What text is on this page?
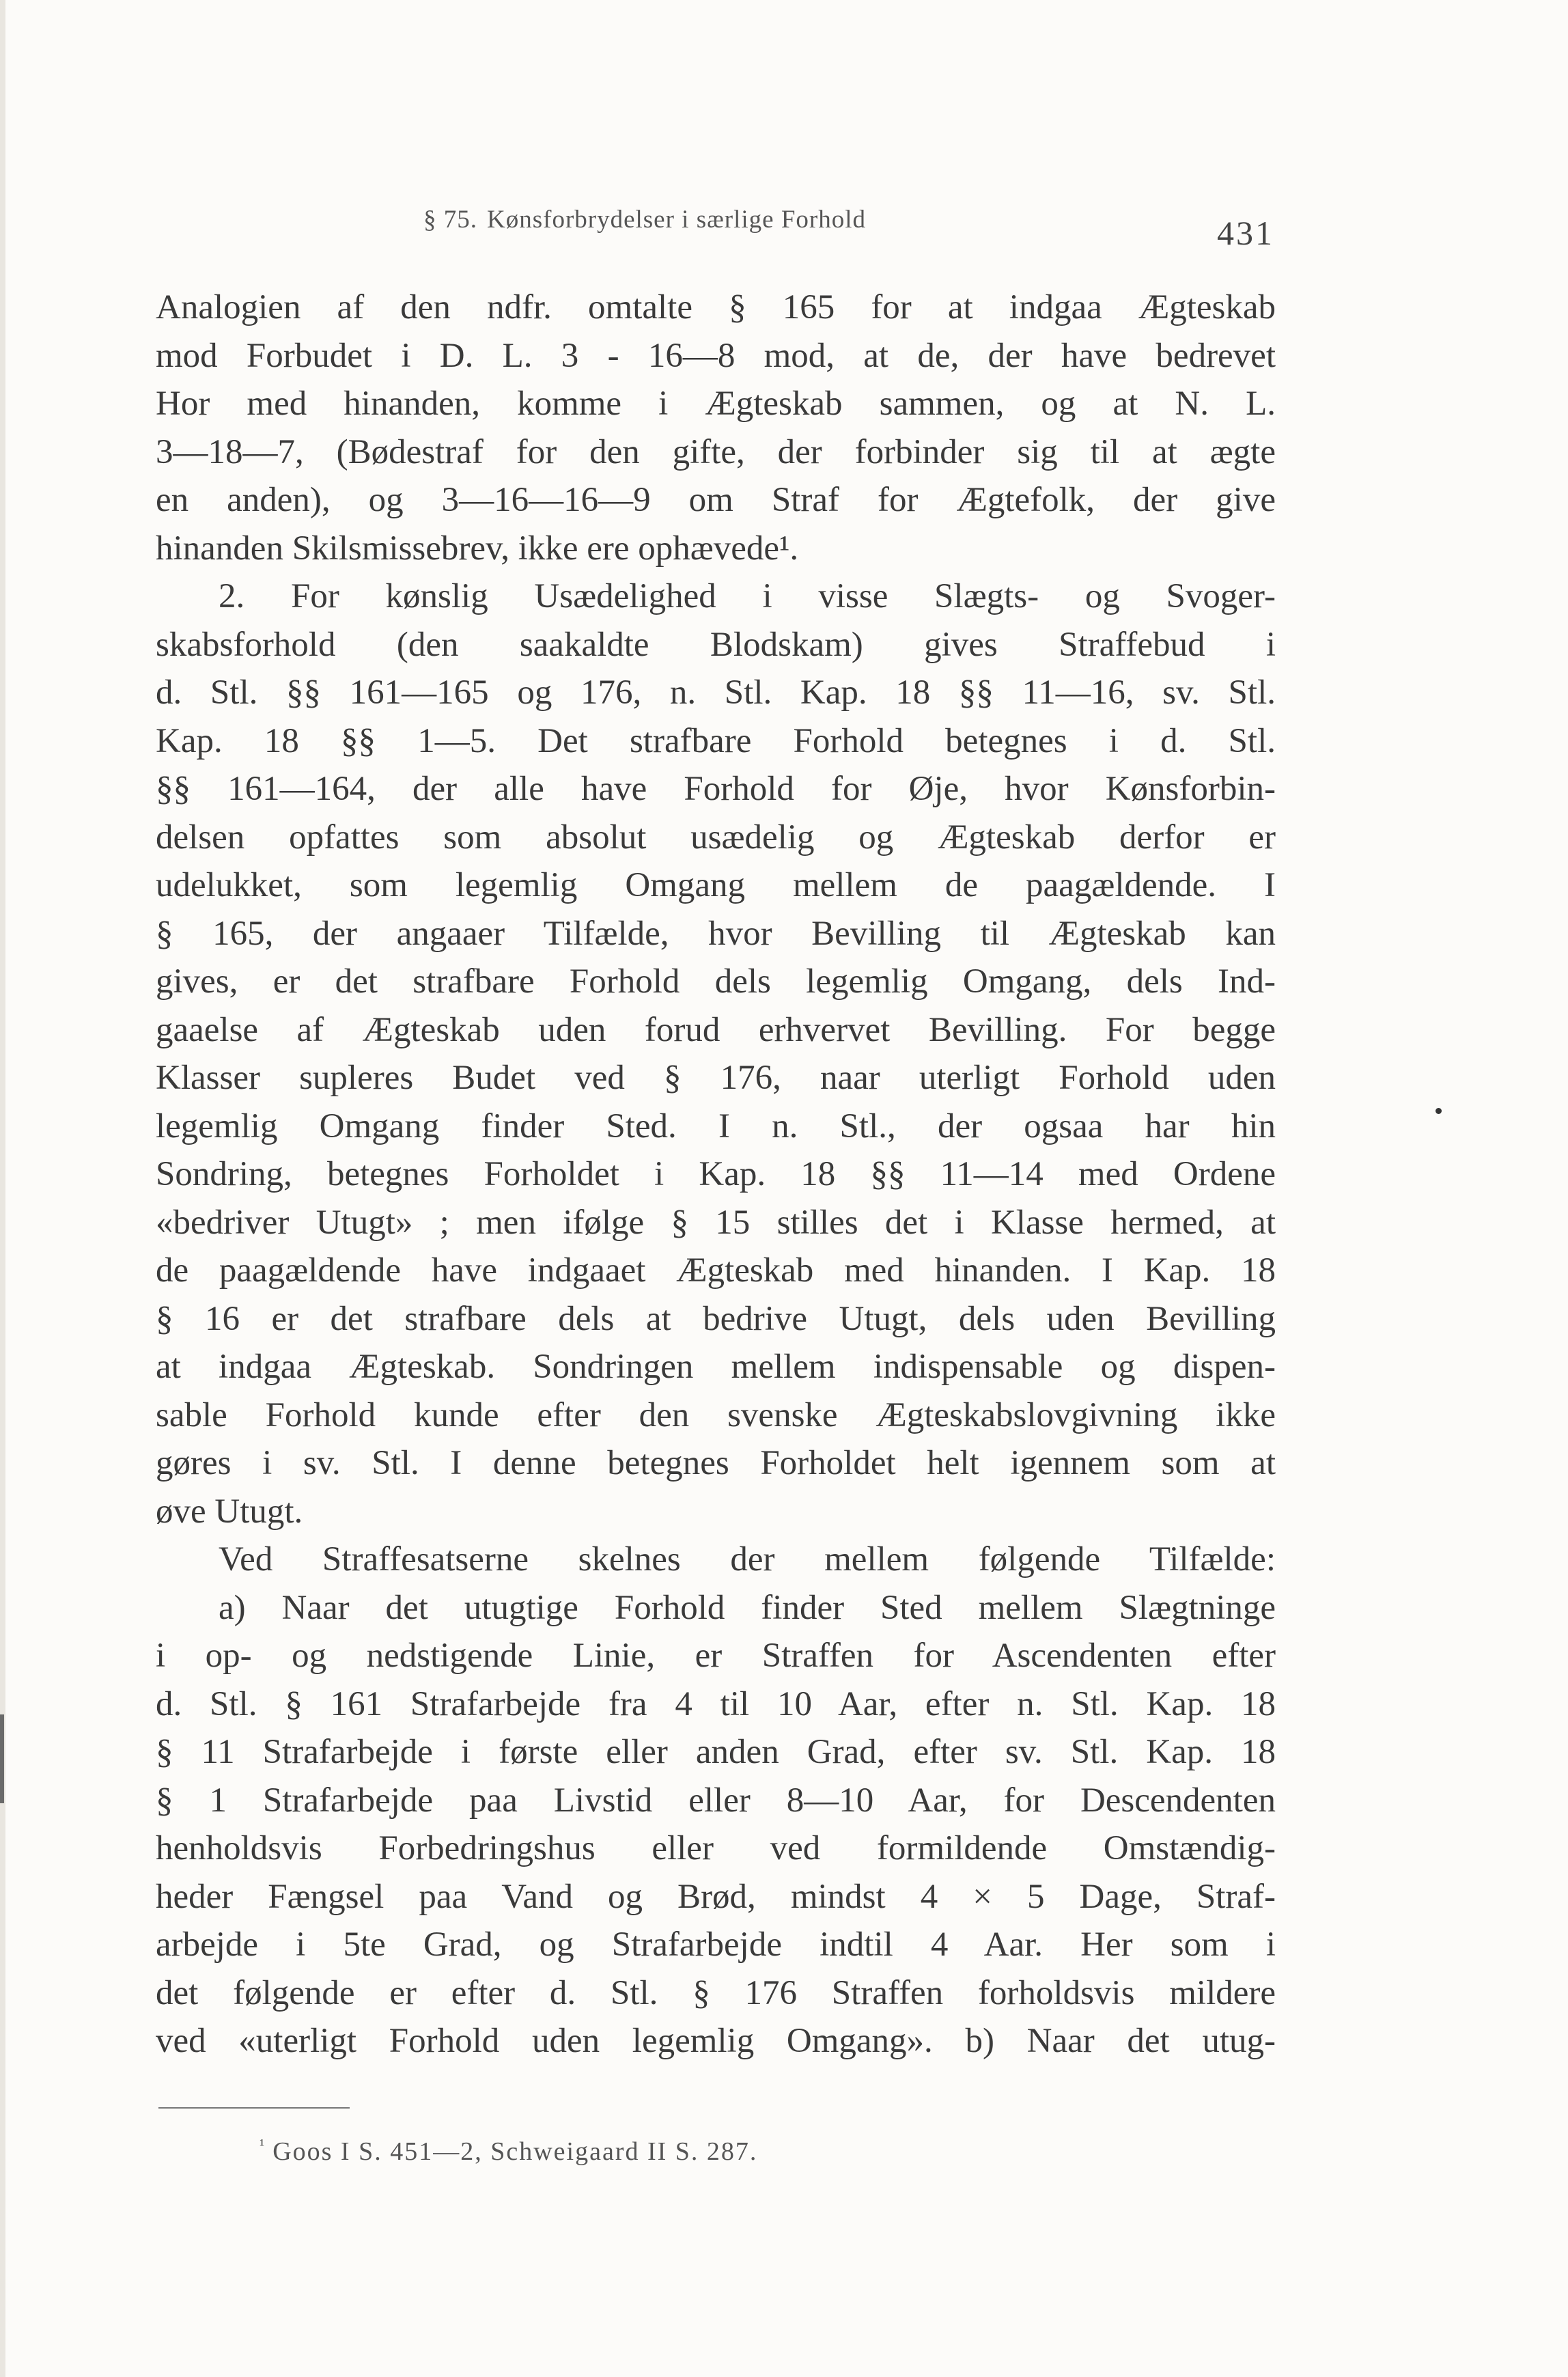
§ 75. Kønsforbrydelser i særlige Forhold	431
Analogien af den ndfr. omtalte § 165 for at indgaa Ægteskab
mod Forbudet i D. L. 3 - 16—8 mod, at de, der have bedrevet
Hor med hinanden, komme i Ægteskab sammen, og at N. L.
3—18—7, (Bødestraf for den gifte, der forbinder sig til at ægte
en anden), og 3—16—16—9 om Straf for Ægtefolk, der give
hinanden Skilsmissebrev, ikke ere ophævede¹.
2. For kønslig Usædelighed i visse Slægts- og Svoger-
skabsforhold (den saakaldte Blodskam) gives Straffebud i
d. Stl. §§ 161—165 og 176, n. Stl. Kap. 18 §§ 11—16, sv. Stl.
Kap. 18 §§ 1—5. Det strafbare Forhold betegnes i d. Stl.
§§ 161—164, der alle have Forhold for Øje, hvor Kønsforbin-
delsen opfattes som absolut usædelig og Ægteskab derfor er
udelukket, som legemlig Omgang mellem de paagældende. I
§ 165, der angaaer Tilfælde, hvor Bevilling til Ægteskab kan
gives, er det strafbare Forhold dels legemlig Omgang, dels Ind-
gaaelse af Ægteskab uden forud erhvervet Bevilling. For begge
Klasser supleres Budet ved § 176, naar uterligt Forhold uden
legemlig Omgang finder Sted. I n. Stl., der ogsaa har hin
Sondring, betegnes Forholdet i Kap. 18 §§ 11—14 med Ordene
«bedriver Utugt» ; men ifølge § 15 stilles det i Klasse hermed, at
de paagældende have indgaaet Ægteskab med hinanden. I Kap. 18
§ 16 er det strafbare dels at bedrive Utugt, dels uden Bevilling
at indgaa Ægteskab. Sondringen mellem indispensable og dispen-
sable Forhold kunde efter den svenske Ægteskabslovgivning ikke
gøres i sv. Stl. I denne betegnes Forholdet helt igennem som at
øve Utugt.
Ved Straffesatserne skelnes der mellem følgende Tilfælde:
a) Naar det utugtige Forhold finder Sted mellem Slægtninge
i op- og nedstigende Linie, er Straffen for Ascendenten efter
d. Stl. § 161 Strafarbejde fra 4 til 10 Aar, efter n. Stl. Kap. 18
§ 11 Strafarbejde i første eller anden Grad, efter sv. Stl. Kap. 18
§ 1 Strafarbejde paa Livstid eller 8—10 Aar, for Descendenten
henholdsvis Forbedringshus eller ved formildende Omstændig-
heder Fængsel paa Vand og Brød, mindst 4 × 5 Dage, Straf-
arbejde i 5te Grad, og Strafarbejde indtil 4 Aar. Her som i
det følgende er efter d. Stl. § 176 Straffen forholdsvis mildere
ved «uterligt Forhold uden legemlig Omgang». b) Naar det utug-
$^{^1}$ Goos I S. 451—2, Schweigaard II S. 287.
